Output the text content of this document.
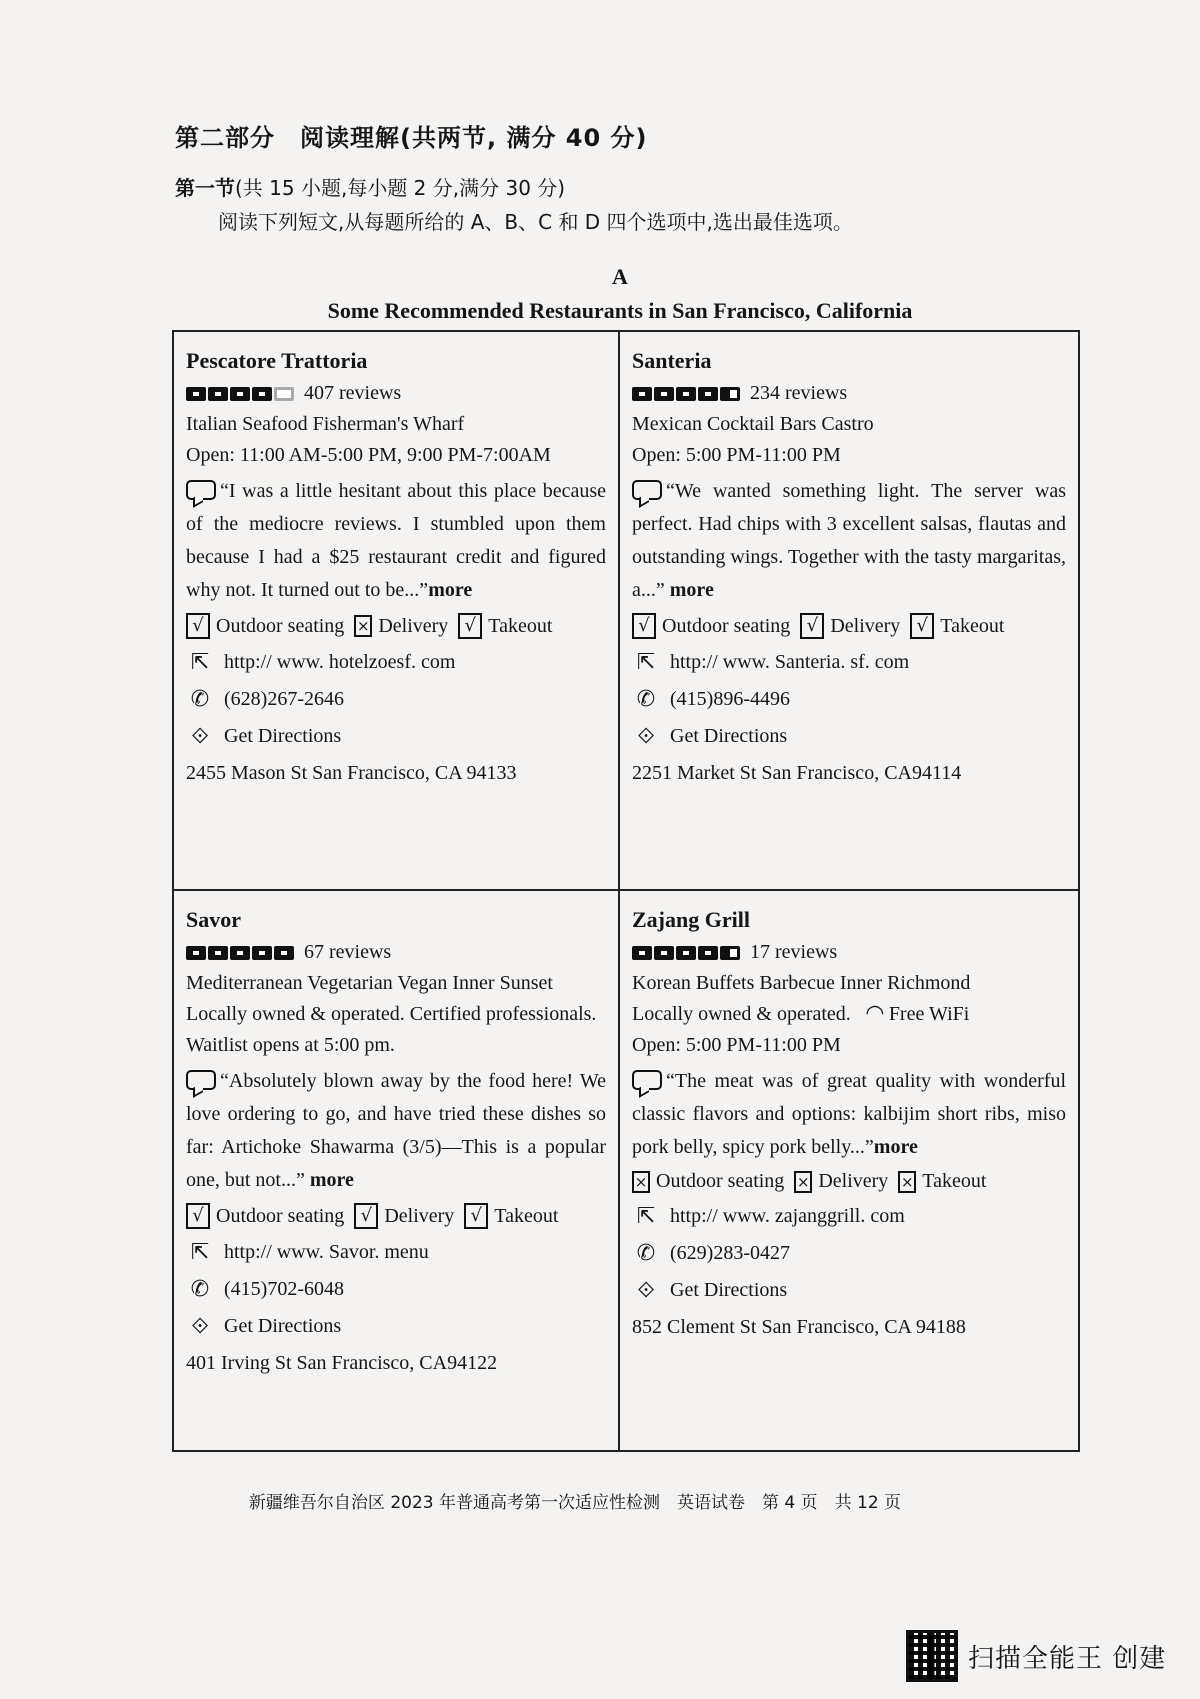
第二部分　阅读理解(共两节, 满分 40 分)
第一节(共 15 小题,每小题 2 分,满分 30 分)
阅读下列短文,从每题所给的 A、B、C 和 D 四个选项中,选出最佳选项。
A
Some Recommended Restaurants in San Francisco, California
Pescatore Trattoria
407 reviews
Italian Seafood Fisherman's Wharf
Open: 11:00 AM-5:00 PM, 9:00 PM-7:00AM
“I was a little hesitant about this place because of the mediocre reviews. I stumbled upon them because I had a $25 restaurant credit and figured why not. It turned out to be...”more
√ Outdoor seating × Delivery √ Takeout
⇱ http:// www. hotelzoesf. com
✆ (628)267-2646
⟐ Get Directions
2455 Mason St San Francisco, CA 94133
Santeria
234 reviews
Mexican Cocktail Bars Castro
Open: 5:00 PM-11:00 PM
“We wanted something light. The server was perfect. Had chips with 3 excellent salsas, flautas and outstanding wings. Together with the tasty margaritas, a...” more
√ Outdoor seating √ Delivery √ Takeout
⇱ http:// www. Santeria. sf. com
✆ (415)896-4496
⟐ Get Directions
2251 Market St San Francisco, CA94114
Savor
67 reviews
Mediterranean Vegetarian Vegan Inner Sunset
Locally owned & operated. Certified professionals.
Waitlist opens at 5:00 pm.
“Absolutely blown away by the food here! We love ordering to go, and have tried these dishes so far: Artichoke Shawarma (3/5)—This is a popular one, but not...” more
√ Outdoor seating √ Delivery √ Takeout
⇱ http:// www. Savor. menu
✆ (415)702-6048
⟐ Get Directions
401 Irving St San Francisco, CA94122
Zajang Grill
17 reviews
Korean Buffets Barbecue Inner Richmond
Locally owned & operated. ◠ Free WiFi
Open: 5:00 PM-11:00 PM
“The meat was of great quality with wonderful classic flavors and options: kalbijim short ribs, miso pork belly, spicy pork belly...”more
× Outdoor seating × Delivery × Takeout
⇱ http:// www. zajanggrill. com
✆ (629)283-0427
⟐ Get Directions
852 Clement St San Francisco, CA 94188
新疆维吾尔自治区 2023 年普通高考第一次适应性检测　英语试卷　第 4 页　共 12 页
扫描全能王 创建
